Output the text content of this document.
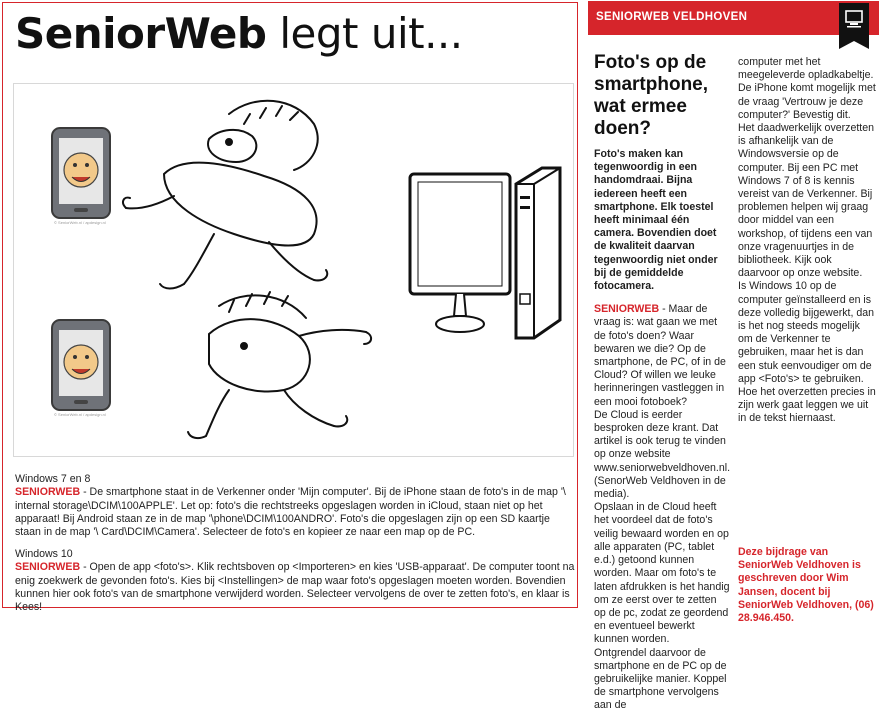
SeniorWeb legt uit...
© SeniorWeb.nl / apdesign.nl
© SeniorWeb.nl / apdesign.nl

Windows 7 en 8

SENIORWEB - De smartphone staat in de Verkenner onder 'Mijn computer'. Bij de iPhone staan de foto's in de map '\ internal storage\DCIM\100APPLE'. Let op: foto's die rechtstreeks opgeslagen worden in iCloud, staan niet op het apparaat! Bij Android staan ze in de map '\phone\DCIM\100ANDRO'. Foto's die opgeslagen zijn op een SD kaartje staan in de map '\ Card\DCIM\Camera'. Selecteer de foto's en kopieer ze naar een map op de PC.

Windows 10

SENIORWEB - Open de app <foto's>. Klik rechtsboven op <Importeren> en kies 'USB-apparaat'. De computer toont na enig zoekwerk de gevonden foto's. Kies bij <Instellingen> de map waar foto's opgeslagen moeten worden. Bovendien kunnen hier ook foto's van de smartphone verwijderd worden. Selecteer vervolgens de over te zetten foto's, en klaar is Kees!

SENIORWEB VELDHOVEN
Foto's op de smartphone, wat ermee doen?

Foto's maken kan tegenwoordig in een handomdraai. Bijna iedereen heeft een smartphone. Elk toestel heeft minimaal één camera. Bovendien doet de kwaliteit daarvan tegenwoordig niet onder bij de gemiddelde fotocamera.

SENIORWEB - Maar de vraag is: wat gaan we met de foto's doen? Waar bewaren we die? Op de smartphone, de PC, of in de Cloud? Of willen we leuke herinneringen vastleggen in een mooi fotoboek?

De Cloud is eerder besproken deze krant. Dat artikel is ook terug te vinden op onze website www.seniorwebveldhoven.nl. (SenorWeb Veldhoven in de media).

Opslaan in de Cloud heeft het voordeel dat de foto's veilig bewaard worden en op alle apparaten (PC, tablet e.d.) getoond kunnen worden. Maar om foto's te laten afdrukken is het handig om ze eerst over te zetten op de pc, zodat ze geordend en eventueel bewerkt kunnen worden.

Ontgrendel daarvoor de smartphone en de PC op de gebruikelijke manier. Koppel de smartphone vervolgens aan de

computer met het meegeleverde opladkabeltje. De iPhone komt mogelijk met de vraag 'Vertrouw je deze computer?' Bevestig dit.

Het daadwerkelijk overzetten is afhankelijk van de Windowsversie op de computer. Bij een PC met Windows 7 of 8 is kennis vereist van de Verkenner. Bij problemen helpen wij graag door middel van een workshop, of tijdens een van onze vragenuurtjes in de bibliotheek. Kijk ook daarvoor op onze website.

Is Windows 10 op de computer geïnstalleerd en is deze volledig bijgewerkt, dan is het nog steeds mogelijk om de Verkenner te gebruiken, maar het is dan een stuk eenvoudiger om de app <Foto's> te gebruiken.

Hoe het overzetten precies in zijn werk gaat leggen we uit in de tekst hiernaast.

Deze bijdrage van SeniorWeb Veldhoven is geschreven door Wim Jansen, docent bij SeniorWeb Veldhoven, (06) 28.946.450.
